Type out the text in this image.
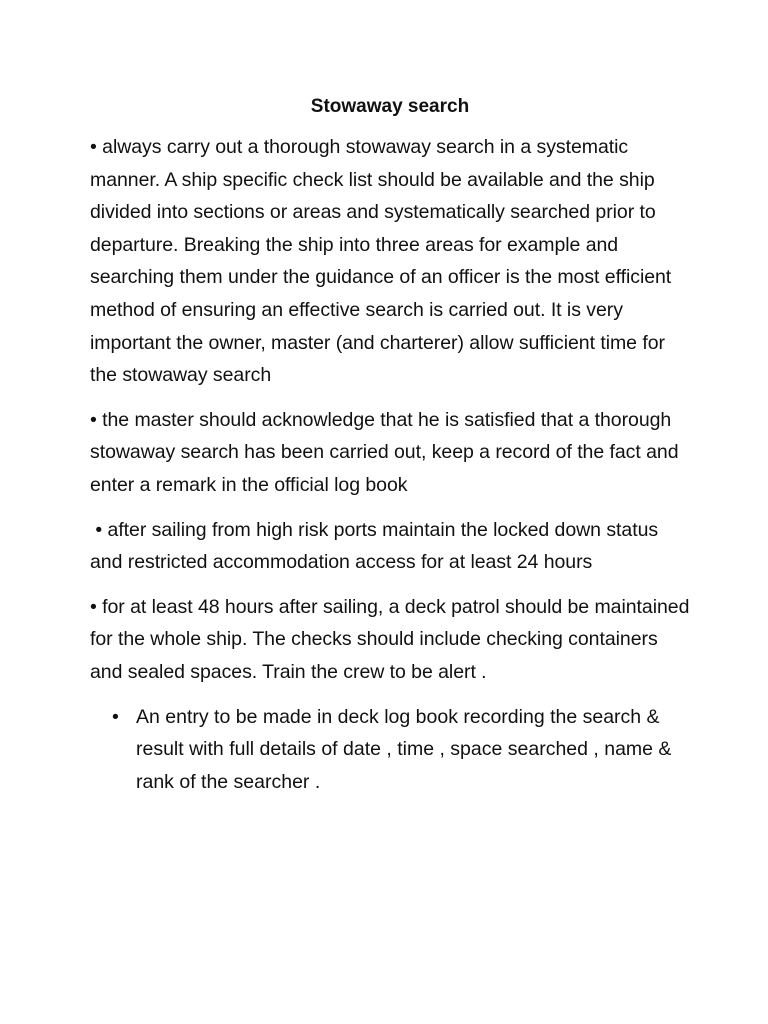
Stowaway search

• always carry out a thorough stowaway search in a systematic manner. A ship specific check list should be available and the ship divided into sections or areas and systematically searched prior to departure. Breaking the ship into three areas for example and searching them under the guidance of an officer is the most efficient method of ensuring an effective search is carried out. It is very important the owner, master (and charterer) allow sufficient time for the stowaway search

• the master should acknowledge that he is satisfied that a thorough stowaway search has been carried out, keep a record of the fact and enter a remark in the official log book

• after sailing from high risk ports maintain the locked down status and restricted accommodation access for at least 24 hours

• for at least 48 hours after sailing, a deck patrol should be maintained for the whole ship. The checks should include checking containers and sealed spaces. Train the crew to be alert .

• An entry to be made in deck log book recording the search & result with full details of date , time , space searched , name & rank of the searcher .
